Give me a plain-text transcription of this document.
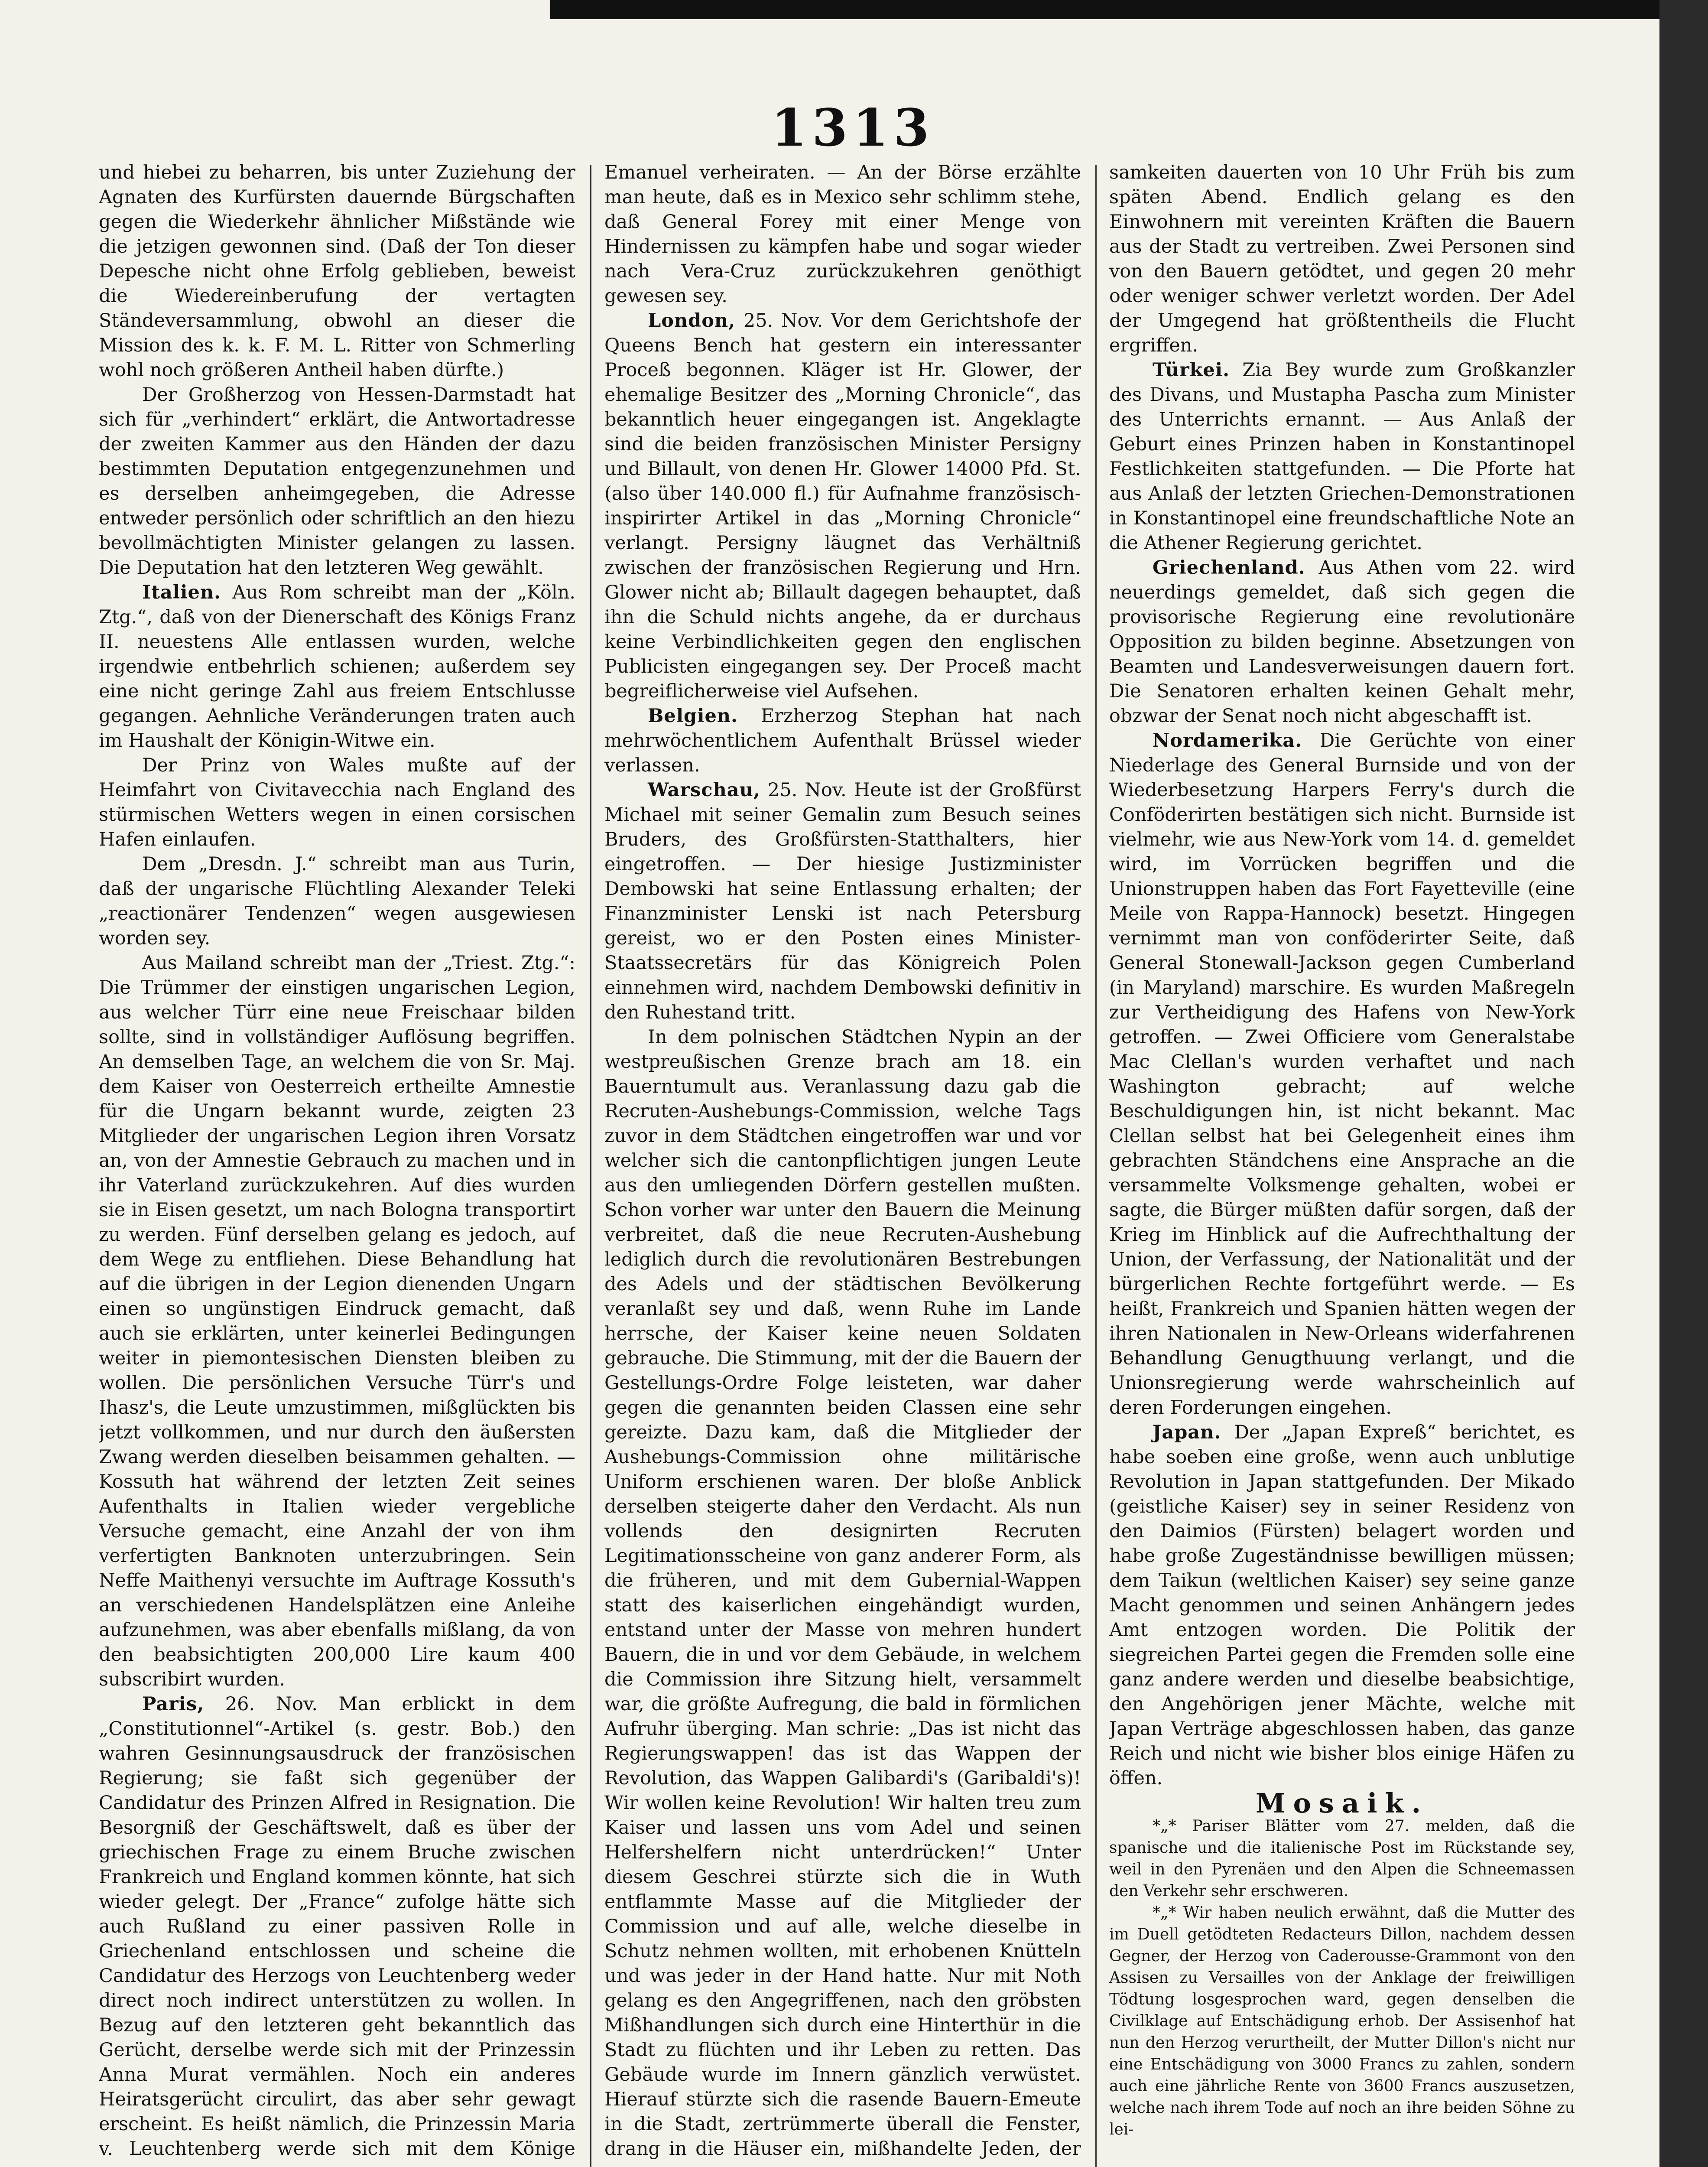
1313

und hiebei zu beharren, bis unter Zuziehung der Agnaten des Kurfürsten dauernde Bürgschaften gegen die Wiederkehr ähnlicher Mißstände wie die jetzigen gewonnen sind. (Daß der Ton dieser Depesche nicht ohne Erfolg geblieben, beweist die Wiedereinberufung der vertagten Ständeversammlung, obwohl an dieser die Mission des k. k. F. M. L. Ritter von Schmerling wohl noch größeren Antheil haben dürfte.)

Der Großherzog von Hessen-Darmstadt hat sich für „verhindert“ erklärt, die Antwortadresse der zweiten Kammer aus den Händen der dazu bestimmten Deputation entgegenzunehmen und es derselben anheimgegeben, die Adresse entweder persönlich oder schriftlich an den hiezu bevollmächtigten Minister gelangen zu lassen. Die Deputation hat den letzteren Weg gewählt.

Italien. Aus Rom schreibt man der „Köln. Ztg.“, daß von der Dienerschaft des Königs Franz II. neuestens Alle entlassen wurden, welche irgendwie entbehrlich schienen; außerdem sey eine nicht geringe Zahl aus freiem Entschlusse gegangen. Aehnliche Veränderungen traten auch im Haushalt der Königin-Witwe ein.

Der Prinz von Wales mußte auf der Heimfahrt von Civitavecchia nach England des stürmischen Wetters wegen in einen corsischen Hafen einlaufen.

Dem „Dresdn. J.“ schreibt man aus Turin, daß der ungarische Flüchtling Alexander Teleki „reactionärer Tendenzen“ wegen ausgewiesen worden sey.

Aus Mailand schreibt man der „Triest. Ztg.“: Die Trümmer der einstigen ungarischen Legion, aus welcher Türr eine neue Freischaar bilden sollte, sind in vollständiger Auflösung begriffen. An demselben Tage, an welchem die von Sr. Maj. dem Kaiser von Oesterreich ertheilte Amnestie für die Ungarn bekannt wurde, zeigten 23 Mitglieder der ungarischen Legion ihren Vorsatz an, von der Amnestie Gebrauch zu machen und in ihr Vaterland zurückzukehren. Auf dies wurden sie in Eisen gesetzt, um nach Bologna transportirt zu werden. Fünf derselben gelang es jedoch, auf dem Wege zu entfliehen. Diese Behandlung hat auf die übrigen in der Legion dienenden Ungarn einen so ungünstigen Eindruck gemacht, daß auch sie erklärten, unter keinerlei Bedingungen weiter in piemontesischen Diensten bleiben zu wollen. Die persönlichen Versuche Türr's und Ihasz's, die Leute umzustimmen, mißglückten bis jetzt vollkommen, und nur durch den äußersten Zwang werden dieselben beisammen gehalten. — Kossuth hat während der letzten Zeit seines Aufenthalts in Italien wieder vergebliche Versuche gemacht, eine Anzahl der von ihm verfertigten Banknoten unterzubringen. Sein Neffe Maithenyi versuchte im Auftrage Kossuth's an verschiedenen Handelsplätzen eine Anleihe aufzunehmen, was aber ebenfalls mißlang, da von den beabsichtigten 200,000 Lire kaum 400 subscribirt wurden.

Paris, 26. Nov. Man erblickt in dem „Constitutionnel“-Artikel (s. gestr. Bob.) den wahren Gesinnungsausdruck der französischen Regierung; sie faßt sich gegenüber der Candidatur des Prinzen Alfred in Resignation. Die Besorgniß der Geschäftswelt, daß es über der griechischen Frage zu einem Bruche zwischen Frankreich und England kommen könnte, hat sich wieder gelegt. Der „France“ zufolge hätte sich auch Rußland zu einer passiven Rolle in Griechenland entschlossen und scheine die Candidatur des Herzogs von Leuchtenberg weder direct noch indirect unterstützen zu wollen. In Bezug auf den letzteren geht bekanntlich das Gerücht, derselbe werde sich mit der Prinzessin Anna Murat vermählen. Noch ein anderes Heiratsgerücht circulirt, das aber sehr gewagt erscheint. Es heißt nämlich, die Prinzessin Maria v. Leuchtenberg werde sich mit dem Könige

Emanuel verheiraten. — An der Börse erzählte man heute, daß es in Mexico sehr schlimm stehe, daß General Forey mit einer Menge von Hindernissen zu kämpfen habe und sogar wieder nach Vera-Cruz zurückzukehren genöthigt gewesen sey.

London, 25. Nov. Vor dem Gerichtshofe der Queens Bench hat gestern ein interessanter Proceß begonnen. Kläger ist Hr. Glower, der ehemalige Besitzer des „Morning Chronicle“, das bekanntlich heuer eingegangen ist. Angeklagte sind die beiden französischen Minister Persigny und Billault, von denen Hr. Glower 14000 Pfd. St. (also über 140.000 fl.) für Aufnahme französisch-inspirirter Artikel in das „Morning Chronicle“ verlangt. Persigny läugnet das Verhältniß zwischen der französischen Regierung und Hrn. Glower nicht ab; Billault dagegen behauptet, daß ihn die Schuld nichts angehe, da er durchaus keine Verbindlichkeiten gegen den englischen Publicisten eingegangen sey. Der Proceß macht begreiflicherweise viel Aufsehen.

Belgien. Erzherzog Stephan hat nach mehrwöchentlichem Aufenthalt Brüssel wieder verlassen.

Warschau, 25. Nov. Heute ist der Großfürst Michael mit seiner Gemalin zum Besuch seines Bruders, des Großfürsten-Statthalters, hier eingetroffen. — Der hiesige Justizminister Dembowski hat seine Entlassung erhalten; der Finanzminister Lenski ist nach Petersburg gereist, wo er den Posten eines Minister-Staatssecretärs für das Königreich Polen einnehmen wird, nachdem Dembowski definitiv in den Ruhestand tritt.

In dem polnischen Städtchen Nypin an der westpreußischen Grenze brach am 18. ein Bauerntumult aus. Veranlassung dazu gab die Recruten-Aushebungs-Commission, welche Tags zuvor in dem Städtchen eingetroffen war und vor welcher sich die cantonpflichtigen jungen Leute aus den umliegenden Dörfern gestellen mußten. Schon vorher war unter den Bauern die Meinung verbreitet, daß die neue Recruten-Aushebung lediglich durch die revolutionären Bestrebungen des Adels und der städtischen Bevölkerung veranlaßt sey und daß, wenn Ruhe im Lande herrsche, der Kaiser keine neuen Soldaten gebrauche. Die Stimmung, mit der die Bauern der Gestellungs-Ordre Folge leisteten, war daher gegen die genannten beiden Classen eine sehr gereizte. Dazu kam, daß die Mitglieder der Aushebungs-Commission ohne militärische Uniform erschienen waren. Der bloße Anblick derselben steigerte daher den Verdacht. Als nun vollends den designirten Recruten Legitimationsscheine von ganz anderer Form, als die früheren, und mit dem Gubernial-Wappen statt des kaiserlichen eingehändigt wurden, entstand unter der Masse von mehren hundert Bauern, die in und vor dem Gebäude, in welchem die Commission ihre Sitzung hielt, versammelt war, die größte Aufregung, die bald in förmlichen Aufruhr überging. Man schrie: „Das ist nicht das Regierungswappen! das ist das Wappen der Revolution, das Wappen Galibardi's (Garibaldi's)! Wir wollen keine Revolution! Wir halten treu zum Kaiser und lassen uns vom Adel und seinen Helfershelfern nicht unterdrücken!“ Unter diesem Geschrei stürzte sich die in Wuth entflammte Masse auf die Mitglieder der Commission und auf alle, welche dieselbe in Schutz nehmen wollten, mit erhobenen Knütteln und was jeder in der Hand hatte. Nur mit Noth gelang es den Angegriffenen, nach den gröbsten Mißhandlungen sich durch eine Hinterthür in die Stadt zu flüchten und ihr Leben zu retten. Das Gebäude wurde im Innern gänzlich verwüstet. Hierauf stürzte sich die rasende Bauern-Emeute in die Stadt, zertrümmerte überall die Fenster, drang in die Häuser ein, mißhandelte Jeden, der

samkeiten dauerten von 10 Uhr Früh bis zum späten Abend. Endlich gelang es den Einwohnern mit vereinten Kräften die Bauern aus der Stadt zu vertreiben. Zwei Personen sind von den Bauern getödtet, und gegen 20 mehr oder weniger schwer verletzt worden. Der Adel der Umgegend hat größtentheils die Flucht ergriffen.

Türkei. Zia Bey wurde zum Großkanzler des Divans, und Mustapha Pascha zum Minister des Unterrichts ernannt. — Aus Anlaß der Geburt eines Prinzen haben in Konstantinopel Festlichkeiten stattgefunden. — Die Pforte hat aus Anlaß der letzten Griechen-Demonstrationen in Konstantinopel eine freundschaftliche Note an die Athener Regierung gerichtet.

Griechenland. Aus Athen vom 22. wird neuerdings gemeldet, daß sich gegen die provisorische Regierung eine revolutionäre Opposition zu bilden beginne. Absetzungen von Beamten und Landesverweisungen dauern fort. Die Senatoren erhalten keinen Gehalt mehr, obzwar der Senat noch nicht abgeschafft ist.

Nordamerika. Die Gerüchte von einer Niederlage des General Burnside und von der Wiederbesetzung Harpers Ferry's durch die Conföderirten bestätigen sich nicht. Burnside ist vielmehr, wie aus New-York vom 14. d. gemeldet wird, im Vorrücken begriffen und die Unionstruppen haben das Fort Fayetteville (eine Meile von Rappa-Hannock) besetzt. Hingegen vernimmt man von conföderirter Seite, daß General Stonewall-Jackson gegen Cumberland (in Maryland) marschire. Es wurden Maßregeln zur Vertheidigung des Hafens von New-York getroffen. — Zwei Officiere vom Generalstabe Mac Clellan's wurden verhaftet und nach Washington gebracht; auf welche Beschuldigungen hin, ist nicht bekannt. Mac Clellan selbst hat bei Gelegenheit eines ihm gebrachten Ständchens eine Ansprache an die versammelte Volksmenge gehalten, wobei er sagte, die Bürger müßten dafür sorgen, daß der Krieg im Hinblick auf die Aufrechthaltung der Union, der Verfassung, der Nationalität und der bürgerlichen Rechte fortgeführt werde. — Es heißt, Frankreich und Spanien hätten wegen der ihren Nationalen in New-Orleans widerfahrenen Behandlung Genugthuung verlangt, und die Unionsregierung werde wahrscheinlich auf deren Forderungen eingehen.

Japan. Der „Japan Expreß“ berichtet, es habe soeben eine große, wenn auch unblutige Revolution in Japan stattgefunden. Der Mikado (geistliche Kaiser) sey in seiner Residenz von den Daimios (Fürsten) belagert worden und habe große Zugeständnisse bewilligen müssen; dem Taikun (weltlichen Kaiser) sey seine ganze Macht genommen und seinen Anhängern jedes Amt entzogen worden. Die Politik der siegreichen Partei gegen die Fremden solle eine ganz andere werden und dieselbe beabsichtige, den Angehörigen jener Mächte, welche mit Japan Verträge abgeschlossen haben, das ganze Reich und nicht wie bisher blos einige Häfen zu öffen.

Mosaik.

*„* Pariser Blätter vom 27. melden, daß die spanische und die italienische Post im Rückstande sey, weil in den Pyrenäen und den Alpen die Schneemassen den Verkehr sehr erschweren.

*„* Wir haben neulich erwähnt, daß die Mutter des im Duell getödteten Redacteurs Dillon, nachdem dessen Gegner, der Herzog von Caderousse-Grammont von den Assisen zu Versailles von der Anklage der freiwilligen Tödtung losgesprochen ward, gegen denselben die Civilklage auf Entschädigung erhob. Der Assisenhof hat nun den Herzog verurtheilt, der Mutter Dillon's nicht nur eine Entschädigung von 3000 Francs zu zahlen, sondern auch eine jährliche Rente von 3600 Francs auszusetzen, welche nach ihrem Tode auf noch an ihre beiden Söhne zu lei-
